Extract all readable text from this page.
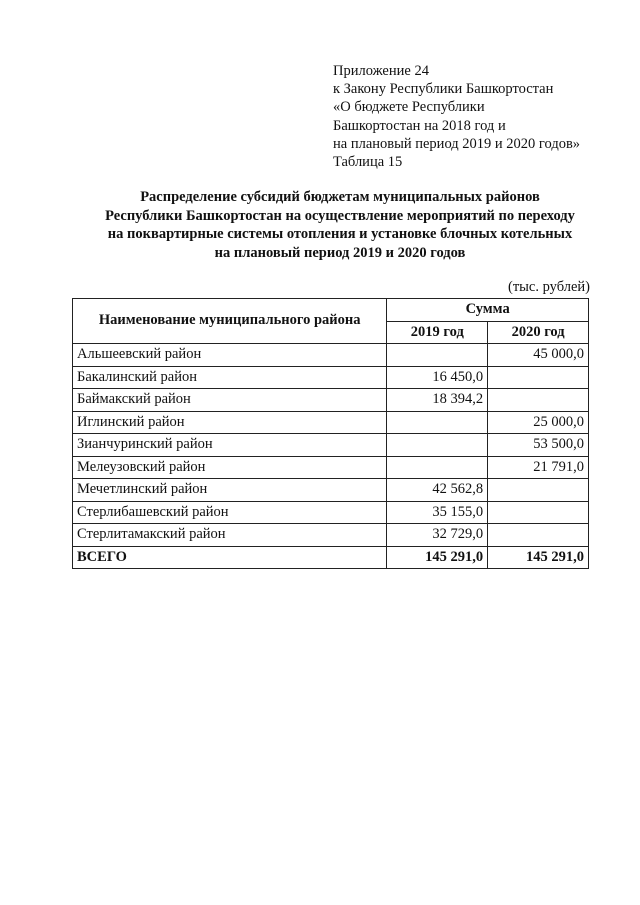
Приложение 24
к Закону Республики Башкортостан
«О бюджете Республики
Башкортостан на 2018 год и
на плановый период 2019 и 2020 годов»
Таблица 15
Распределение субсидий бюджетам муниципальных районов
Республики Башкортостан на осуществление мероприятий по переходу
на поквартирные системы отопления и установке блочных котельных
на плановый период 2019 и 2020 годов
(тыс. рублей)
Наименование муниципального района	Сумма	
	2019 год	2020 год
Альшеевский район		45 000,0
Бакалинский район	16 450,0	
Баймакский район	18 394,2	
Иглинский район		25 000,0
Зианчуринский район		53 500,0
Мелеузовский район		21 791,0
Мечетлинский район	42 562,8	
Стерлибашевский район	35 155,0	
Стерлитамакский район	32 729,0	
ВСЕГО	145 291,0	145 291,0
